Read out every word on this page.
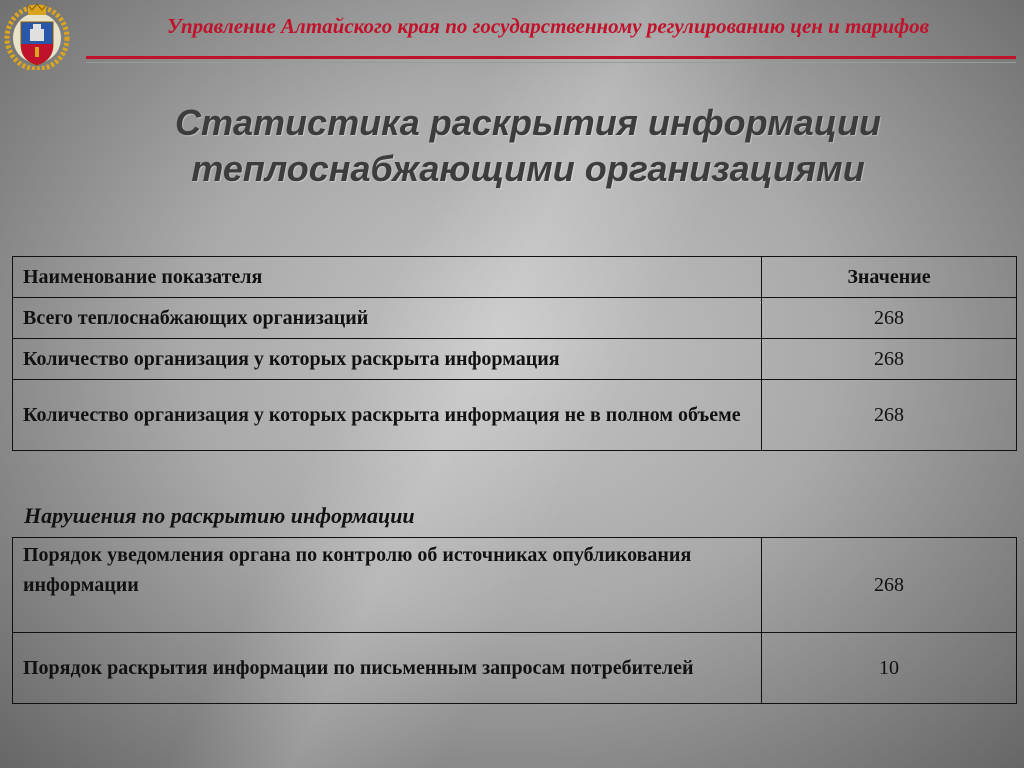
Управление Алтайского края по государственному регулированию цен и тарифов
Статистика раскрытия информации
теплоснабжающими организациями
Наименование показателя	Значение
Всего теплоснабжающих организаций	268
Количество организация у которых раскрыта информация	268
Количество организация у которых раскрыта информация не в полном объеме	268
Нарушения по раскрытию информации
Порядок уведомления органа по контролю об источниках опубликования информации	268
Порядок раскрытия информации по письменным запросам потребителей	10
